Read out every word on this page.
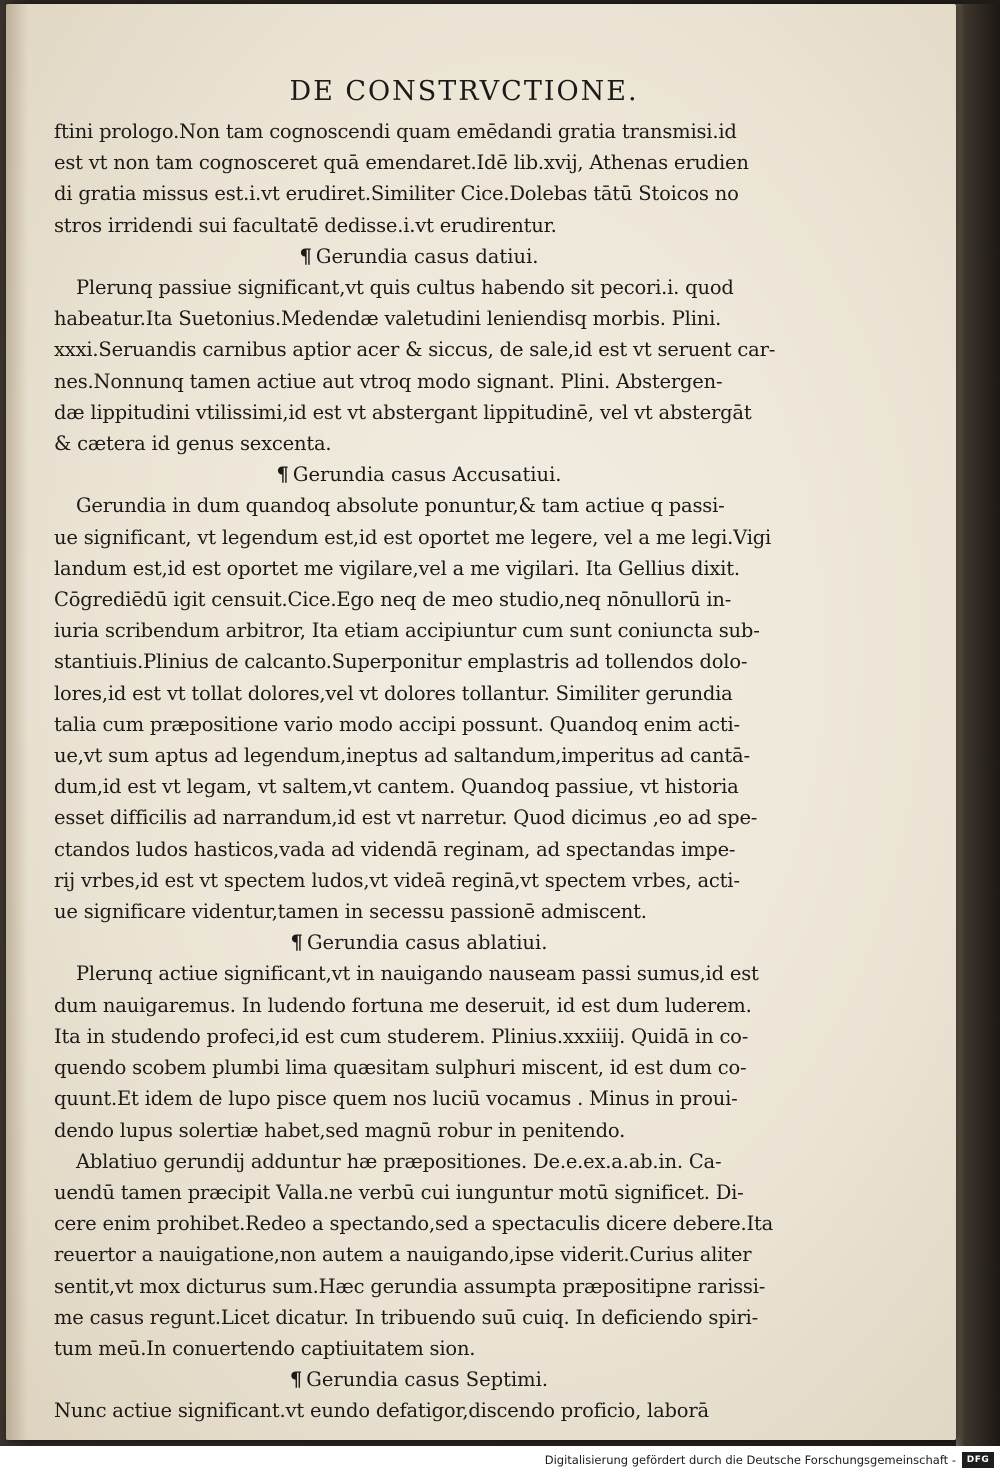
DE CONSTRVCTIONE.
ftini prologo.Non tam cognoscendi quam emēdandi gratia transmisi.id
est vt non tam cognosceret quā emendaret.Idē lib.xvij, Athenas erudien
di gratia missus est.i.vt erudiret.Similiter Cice.Dolebas tātū Stoicos no
stros irridendi sui facultatē dedisse.i.vt erudirentur.
¶ Gerundia casus datiui.
Plerunq passiue significant,vt quis cultus habendo sit pecori.i. quod
habeatur.Ita Suetonius.Medendæ valetudini leniendisq morbis. Plini.
xxxi.Seruandis carnibus aptior acer & siccus, de sale,id est vt seruent car-
nes.Nonnunq tamen actiue aut vtroq modo signant. Plini. Abstergen-
dæ lippitudini vtilissimi,id est vt abstergant lippitudinē, vel vt abstergāt
& cætera id genus sexcenta.
¶ Gerundia casus Accusatiui.
Gerundia in dum quandoq absolute ponuntur,& tam actiue q passi-
ue significant, vt legendum est,id est oportet me legere, vel a me legi.Vigi
landum est,id est oportet me vigilare,vel a me vigilari. Ita Gellius dixit.
Cōgrediēdū igit censuit.Cice.Ego neq de meo studio,neq nōnullorū in-
iuria scribendum arbitror, Ita etiam accipiuntur cum sunt coniuncta sub-
stantiuis.Plinius de calcanto.Superponitur emplastris ad tollendos dolo-
lores,id est vt tollat dolores,vel vt dolores tollantur. Similiter gerundia
talia cum præpositione vario modo accipi possunt. Quandoq enim acti-
ue,vt sum aptus ad legendum,ineptus ad saltandum,imperitus ad cantā-
dum,id est vt legam, vt saltem,vt cantem. Quandoq passiue, vt historia
esset difficilis ad narrandum,id est vt narretur. Quod dicimus ,eo ad spe-
ctandos ludos hasticos,vada ad videndā reginam, ad spectandas impe-
rij vrbes,id est vt spectem ludos,vt videā reginā,vt spectem vrbes, acti-
ue significare videntur,tamen in secessu passionē admiscent.
¶ Gerundia casus ablatiui.
Plerunq actiue significant,vt in nauigando nauseam passi sumus,id est
dum nauigaremus. In ludendo fortuna me deseruit, id est dum luderem.
Ita in studendo profeci,id est cum studerem. Plinius.xxxiiij. Quidā in co-
quendo scobem plumbi lima quæsitam sulphuri miscent, id est dum co-
quunt.Et idem de lupo pisce quem nos luciū vocamus . Minus in proui-
dendo lupus solertiæ habet,sed magnū robur in penitendo.
Ablatiuo gerundij adduntur hæ præpositiones. De.e.ex.a.ab.in. Ca-
uendū tamen præcipit Valla.ne verbū cui iunguntur motū significet. Di-
cere enim prohibet.Redeo a spectando,sed a spectaculis dicere debere.Ita
reuertor a nauigatione,non autem a nauigando,ipse viderit.Curius aliter
sentit,vt mox dicturus sum.Hæc gerundia assumpta præpositipne rarissi-
me casus regunt.Licet dicatur. In tribuendo suū cuiq. In deficiendo spiri-
tum meū.In conuertendo captiuitatem sion.
¶ Gerundia casus Septimi.
Nunc actiue significant.vt eundo defatigor,discendo proficio, laborā
Digitalisierung gefördert durch die Deutsche Forschungsgemeinschaft -	DFG
